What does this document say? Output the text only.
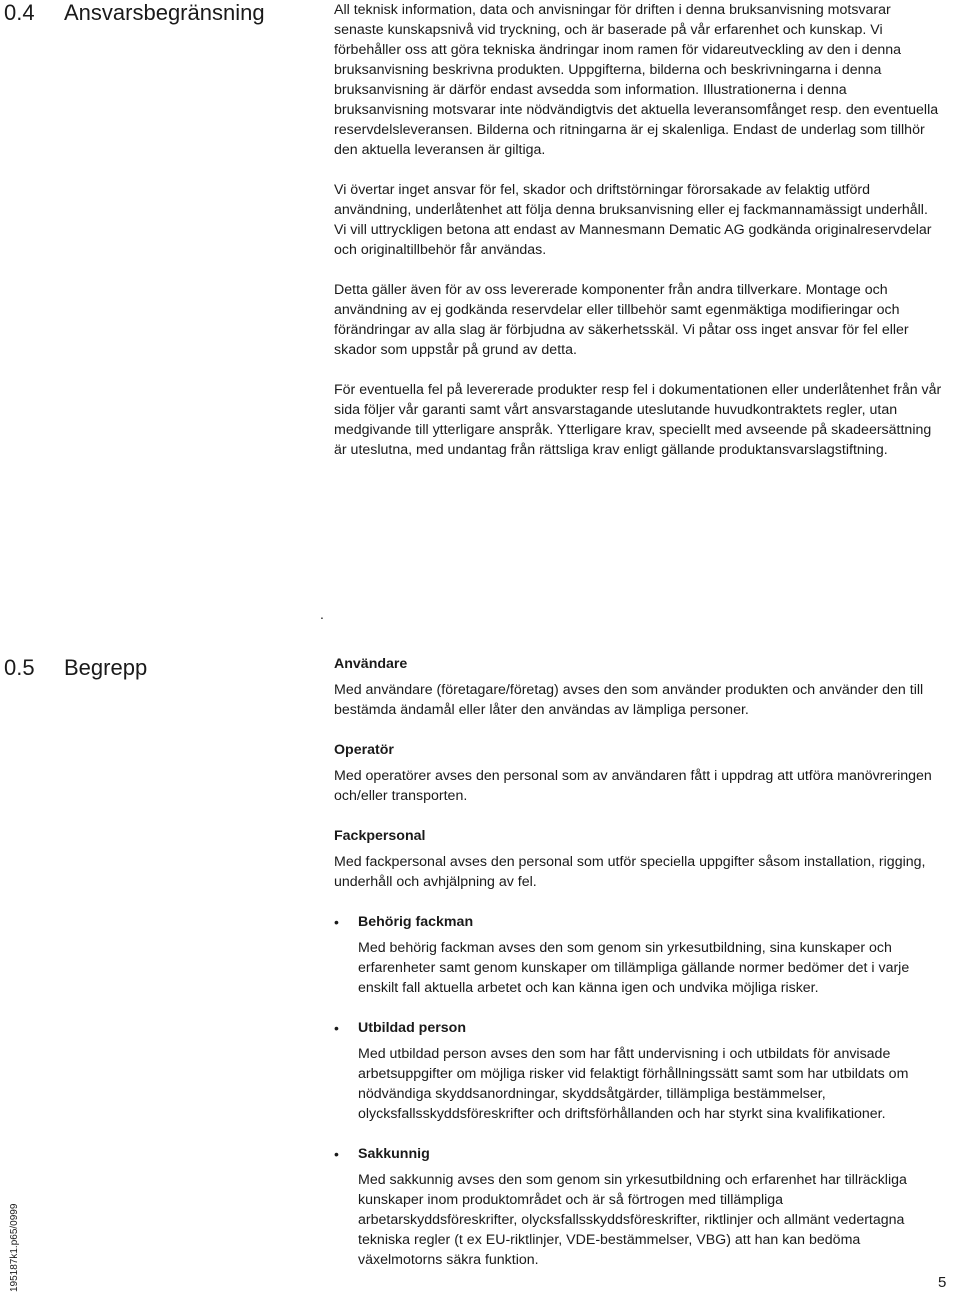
0.4 Ansvarsbegränsning	All teknisk information, data och anvisningar för driften i denna bruksanvisning motsvarar senaste kunskapsnivå vid tryckning, och är baserade på vår erfarenhet och kunskap. Vi förbehåller oss att göra tekniska ändringar inom ramen för vidareutveckling av den i denna bruksanvisning beskrivna produkten. Uppgifterna, bilderna och beskrivningarna i denna bruksanvisning är därför endast avsedda som information. Illustrationerna i denna bruksanvisning motsvarar inte nödvändigtvis det aktuella leveransomfånget resp. den eventuella reservdelsleveransen. Bilderna och ritningarna är ej skalenliga. Endast de underlag som tillhör den aktuella leveransen är giltiga.

Vi övertar inget ansvar för fel, skador och driftstörningar förorsakade av felaktig utförd användning, underlåtenhet att följa denna bruksanvisning eller ej fackmannamässigt underhåll. Vi vill uttryckligen betona att endast av Mannesmann Dematic AG godkända originalreservdelar och originaltillbehör får användas.

Detta gäller även för av oss levererade komponenter från andra tillverkare. Montage och användning av ej godkända reservdelar eller tillbehör samt egenmäktiga modifieringar och förändringar av alla slag är förbjudna av säkerhetsskäl. Vi påtar oss inget ansvar för fel eller skador som uppstår på grund av detta.

För eventuella fel på levererade produkter resp fel i dokumentationen eller underlåtenhet från vår sida följer vår garanti samt vårt ansvarstagande uteslutande huvudkontraktets regler, utan medgivande till ytterligare anspråk. Ytterligare krav, speciellt med avseende på skadeersättning är uteslutna, med undantag från rättsliga krav enligt gällande produktansvarslagstiftning.

.
0.5 Begrepp	Användare

Med användare (företagare/företag) avses den som använder produkten och använder den till bestämda ändamål eller låter den användas av lämpliga personer.

Operatör

Med operatörer avses den personal som av användaren fått i uppdrag att utföra manövreringen och/eller transporten.

Fackpersonal

Med fackpersonal avses den personal som utför speciella uppgifter såsom installation, rigging, underhåll och avhjälpning av fel.

•	Behörig fackman

Med behörig fackman avses den som genom sin yrkesutbildning, sina kunskaper och erfarenheter samt genom kunskaper om tillämpliga gällande normer bedömer det i varje enskilt fall aktuella arbetet och kan känna igen och undvika möjliga risker.

•	Utbildad person

Med utbildad person avses den som har fått undervisning i och utbildats för anvisade arbetsuppgifter om möjliga risker vid felaktigt förhållningssätt samt som har utbildats om nödvändiga skyddsanordningar, skyddsåtgärder, tillämpliga bestämmelser, olycksfallsskyddsföreskrifter och driftsförhållanden och har styrkt sina kvalifikationer.

•	Sakkunnig

Med sakkunnig avses den som genom sin yrkesutbildning och erfarenhet har tillräckliga kunskaper inom produktområdet och är så förtrogen med tillämpliga arbetarskyddsföreskrifter, olycksfallsskyddsföreskrifter, riktlinjer och allmänt vedertagna tekniska regler (t ex EU-riktlinjer, VDE-bestämmelser, VBG) att han kan bedöma växelmotorns säkra funktion.

195187k1.p65/0999	5
